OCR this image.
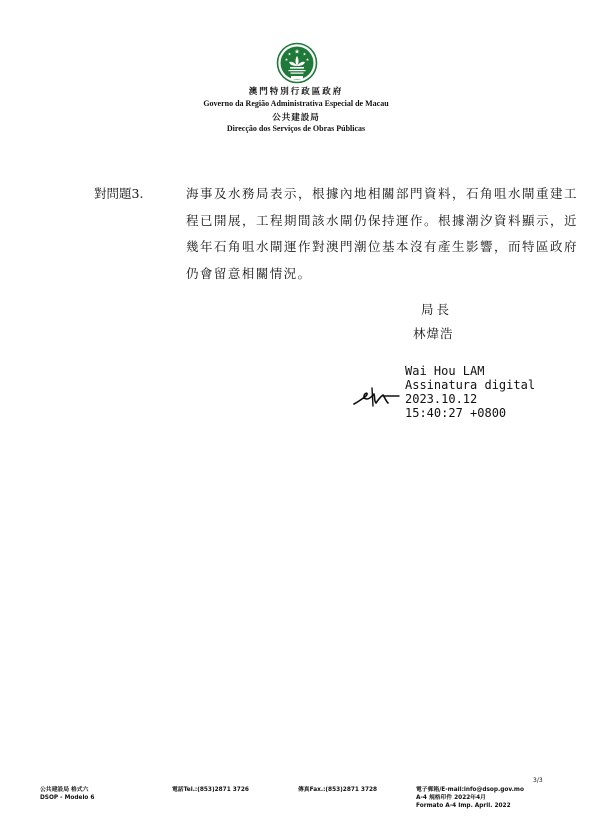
澳門特別行政區政府
Governo da Região Administrativa Especial de Macau
公共建設局
Direcção dos Serviços de Obras Públicas
對問題3.	海事及水務局表示，根據內地相關部門資料，石角咀水閘重建工程已開展，工程期間該水閘仍保持運作。根據潮汐資料顯示，近幾年石角咀水閘運作對澳門潮位基本沒有產生影響，而特區政府仍會留意相關情況。

局長
林煒浩
Wai Hou LAM
Assinatura digital
2023.10.12
15:40:27 +0800
公共建設局 格式六
DSOP - Modelo 6
電話Tel.:(853)2871 3726	傳真Fax.:(853)2871 3728	電子郵箱/E-mail:info@dsop.gov.mo
A-4 規格印件 2022年4月
Formato A-4 Imp. April. 2022
3/3
